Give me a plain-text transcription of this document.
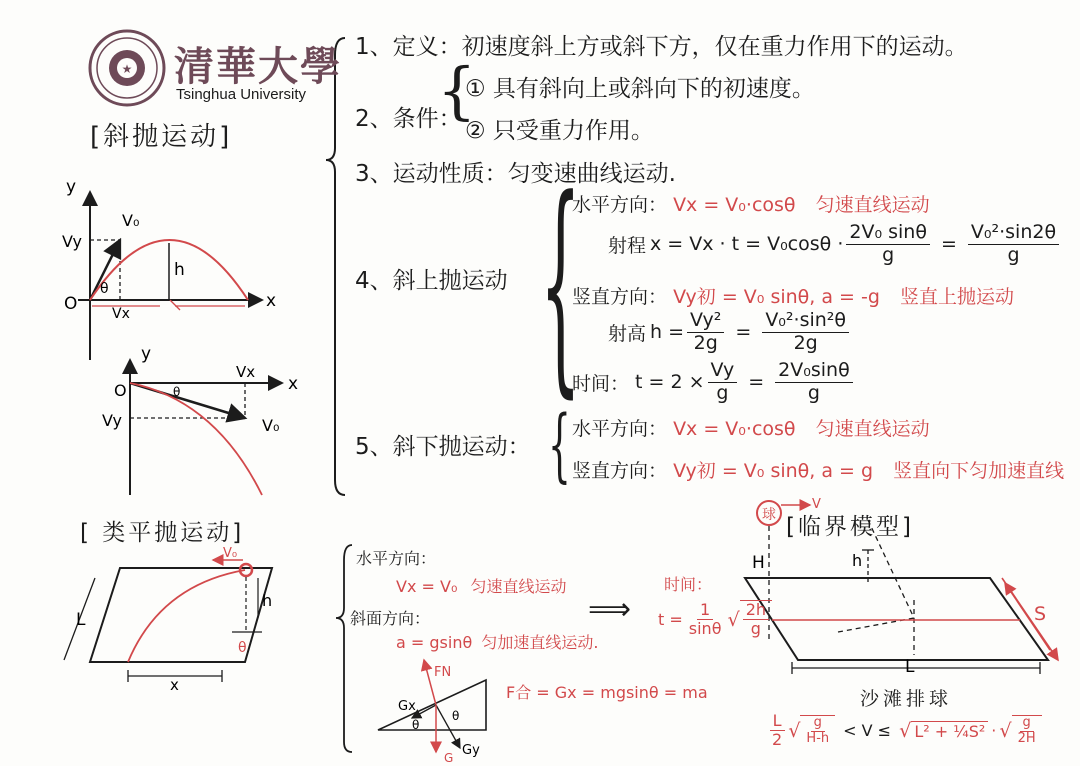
★
y
Vy
V₀
θ
h
O Vx
x
y
O
Vx
θ	x
Vy	V₀
V₀
L
h
θ
x
FN
Gx
θ
θ
Gy
G
球
V
H	h
L
S
清華大學
Tsinghua University
[斜抛运动]
1、定义：初速度斜上方或斜下方，仅在重力作用下的运动。
2、条件：
{
① 具有斜向上或斜向下的初速度。
② 只受重力作用。
3、运动性质：匀变速曲线运动.
4、斜上抛运动 {
水平方向： Vx = V₀·cosθ 匀速直线运动
射程 $x = Vx \cdot t = V_0\cos\theta \cdot \frac{\text{2V₀ sinθ}}{g} = \frac{\text{V₀²·sin2θ}}{g}$
竖直方向： Vy初 = V₀ sinθ, a = -g 竖直上抛运动
射高 $h = \frac{\text{Vy²}}{2g} = \frac{\text{V₀²·sin²θ}}{2g}$
时间： $t = 2 \times \frac{Vy}{g} = \frac{\text{2V₀sinθ}}{g}$
5、斜下抛运动： { 水平方向： Vx = V₀·cosθ 匀速直线运动
竖直方向： Vy初 = V₀ sinθ, a = g 竖直向下匀加速直线
[ 类平抛运动]
水平方向：
Vx = V₀ 匀速直线运动
斜面方向：
a = gsinθ 匀加速直线运动.
⟹
时间：
$t = \frac{1}{\sin\theta}$ √ $\frac{2h}{g}$
F合 = Gx = mgsinθ = ma
[临界模型]
沙滩排球
$\frac{L}{2}$ √ $\frac{g}{H-h} < V$ ≤ √ L² + ¼S² · √ $\frac{g}{2H}$
